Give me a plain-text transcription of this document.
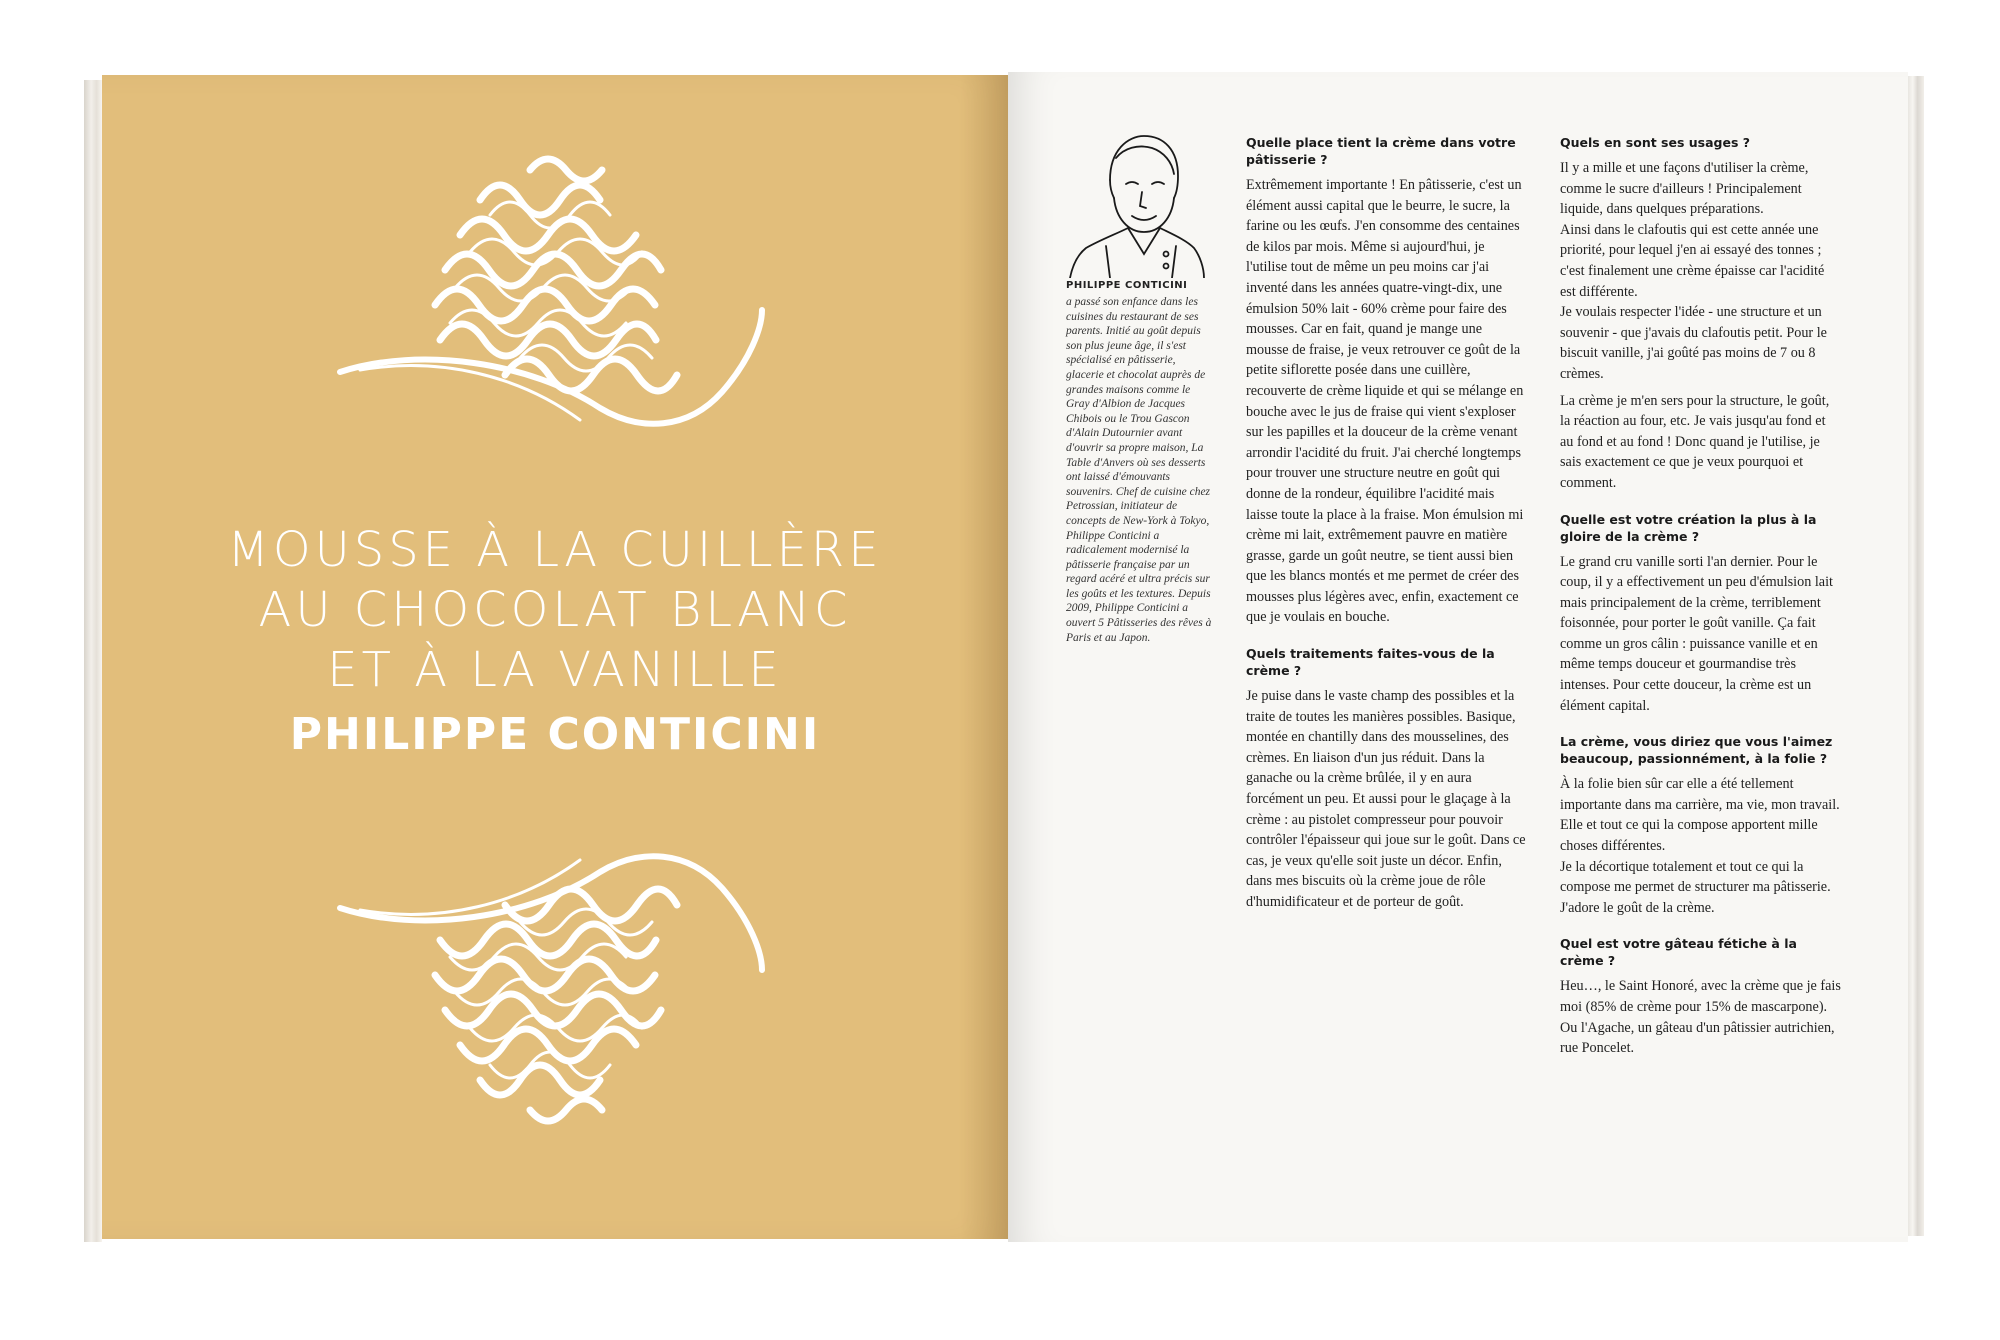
MOUSSE À LA CUILLÈRE
AU CHOCOLAT BLANC
ET À LA VANILLE
PHILIPPE CONTICINI
PHILIPPE CONTICINI
a passé son enfance dans les cuisines du restaurant de ses parents. Initié au goût depuis son plus jeune âge, il s'est spécialisé en pâtisserie, glacerie et chocolat auprès de grandes maisons comme le Gray d'Albion de Jacques Chibois ou le Trou Gascon d'Alain Dutournier avant d'ouvrir sa propre maison, La Table d'Anvers où ses desserts ont laissé d'émouvants souvenirs. Chef de cuisine chez Petrossian, initiateur de concepts de New-York à Tokyo, Philippe Conticini a radicalement modernisé la pâtisserie française par un regard acéré et ultra précis sur les goûts et les textures. Depuis 2009, Philippe Conticini a ouvert 5 Pâtisseries des rêves à Paris et au Japon.
Quelle place tient la crème dans votre pâtisserie ?
Extrêmement importante ! En pâtisserie, c'est un élément aussi capital que le beurre, le sucre, la farine ou les œufs. J'en consomme des centaines de kilos par mois. Même si aujourd'hui, je l'utilise tout de même un peu moins car j'ai inventé dans les années quatre-vingt-dix, une émulsion 50% lait - 60% crème pour faire des mousses. Car en fait, quand je mange une mousse de fraise, je veux retrouver ce goût de la petite siflorette posée dans une cuillère, recouverte de crème liquide et qui se mélange en bouche avec le jus de fraise qui vient s'exploser sur les papilles et la douceur de la crème venant arrondir l'acidité du fruit. J'ai cherché longtemps pour trouver une structure neutre en goût qui donne de la rondeur, équilibre l'acidité mais laisse toute la place à la fraise. Mon émulsion mi crème mi lait, extrêmement pauvre en matière grasse, garde un goût neutre, se tient aussi bien que les blancs montés et me permet de créer des mousses plus légères avec, enfin, exactement ce que je voulais en bouche.
Quels traitements faites-vous de la crème ?
Je puise dans le vaste champ des possibles et la traite de toutes les manières possibles. Basique, montée en chantilly dans des mousselines, des crèmes. En liaison d'un jus réduit. Dans la ganache ou la crème brûlée, il y en aura forcément un peu. Et aussi pour le glaçage à la crème : au pistolet compresseur pour pouvoir contrôler l'épaisseur qui joue sur le goût. Dans ce cas, je veux qu'elle soit juste un décor. Enfin, dans mes biscuits où la crème joue de rôle d'humidificateur et de porteur de goût.
Quels en sont ses usages ?
Il y a mille et une façons d'utiliser la crème, comme le sucre d'ailleurs ! Principalement liquide, dans quelques préparations.
Ainsi dans le clafoutis qui est cette année une priorité, pour lequel j'en ai essayé des tonnes ; c'est finalement une crème épaisse car l'acidité est différente.
Je voulais respecter l'idée - une structure et un souvenir - que j'avais du clafoutis petit. Pour le biscuit vanille, j'ai goûté pas moins de 7 ou 8 crèmes.
La crème je m'en sers pour la structure, le goût, la réaction au four, etc. Je vais jusqu'au fond et au fond et au fond ! Donc quand je l'utilise, je sais exactement ce que je veux pourquoi et comment.
Quelle est votre création la plus à la gloire de la crème ?
Le grand cru vanille sorti l'an dernier. Pour le coup, il y a effectivement un peu d'émulsion lait mais principalement de la crème, terriblement foisonnée, pour porter le goût vanille. Ça fait comme un gros câlin : puissance vanille et en même temps douceur et gourmandise très intenses. Pour cette douceur, la crème est un élément capital.
La crème, vous diriez que vous l'aimez beaucoup, passionnément, à la folie ?
À la folie bien sûr car elle a été tellement importante dans ma carrière, ma vie, mon travail. Elle et tout ce qui la compose apportent mille choses différentes.
Je la décortique totalement et tout ce qui la compose me permet de structurer ma pâtisserie. J'adore le goût de la crème.
Quel est votre gâteau fétiche à la crème ?
Heu…, le Saint Honoré, avec la crème que je fais moi (85% de crème pour 15% de mascarpone). Ou l'Agache, un gâteau d'un pâtissier autrichien, rue Poncelet.
